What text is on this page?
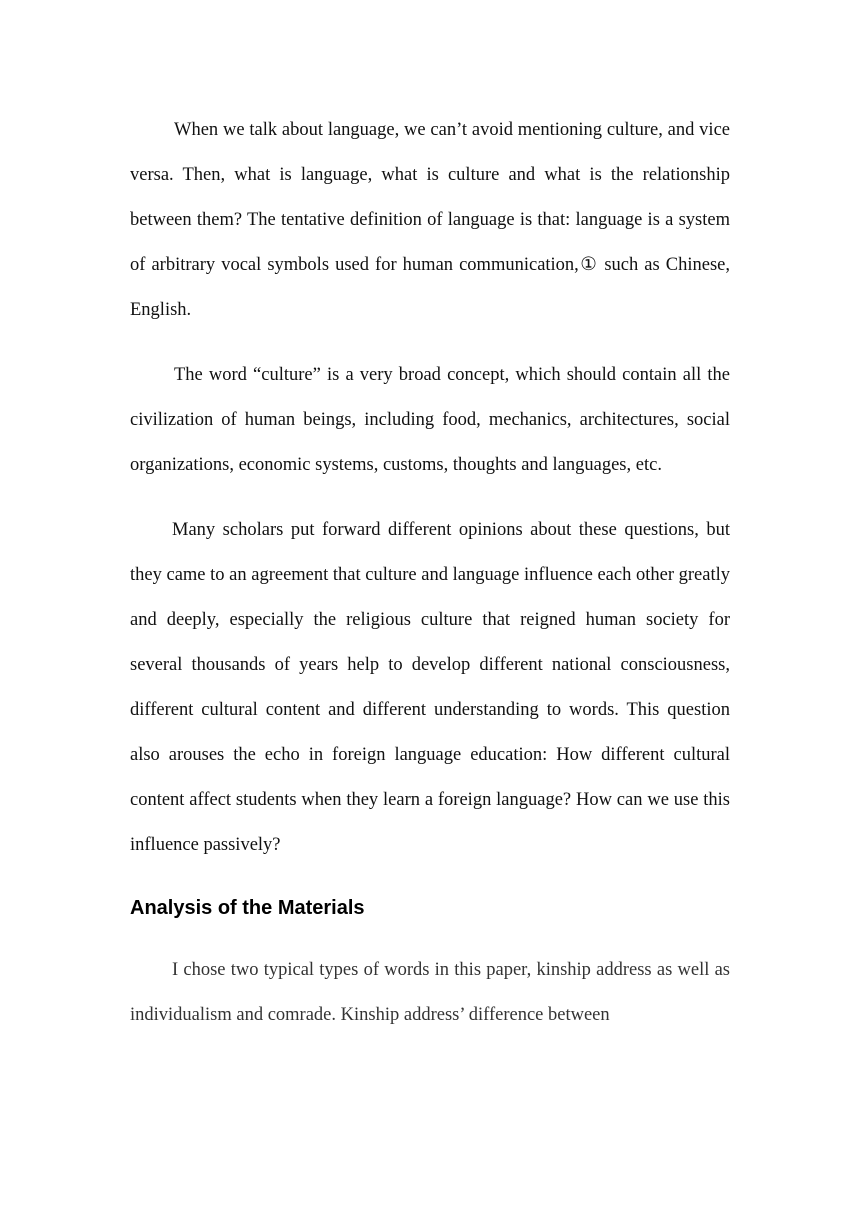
When we talk about language, we can’t avoid mentioning culture, and vice versa. Then, what is language, what is culture and what is the relationship between them? The tentative definition of language is that: language is a system of arbitrary vocal symbols used for human communication,① such as Chinese, English.

The word “culture” is a very broad concept, which should contain all the civilization of human beings, including food, mechanics, architectures, social organizations, economic systems, customs, thoughts and languages, etc.

Many scholars put forward different opinions about these questions, but they came to an agreement that culture and language influence each other greatly and deeply, especially the religious culture that reigned human society for several thousands of years help to develop different national consciousness, different cultural content and different understanding to words. This question also arouses the echo in foreign language education: How different cultural content affect students when they learn a foreign language? How can we use this influence passively?

Analysis of the Materials

I chose two typical types of words in this paper, kinship address as well as individualism and comrade. Kinship address’ difference between
